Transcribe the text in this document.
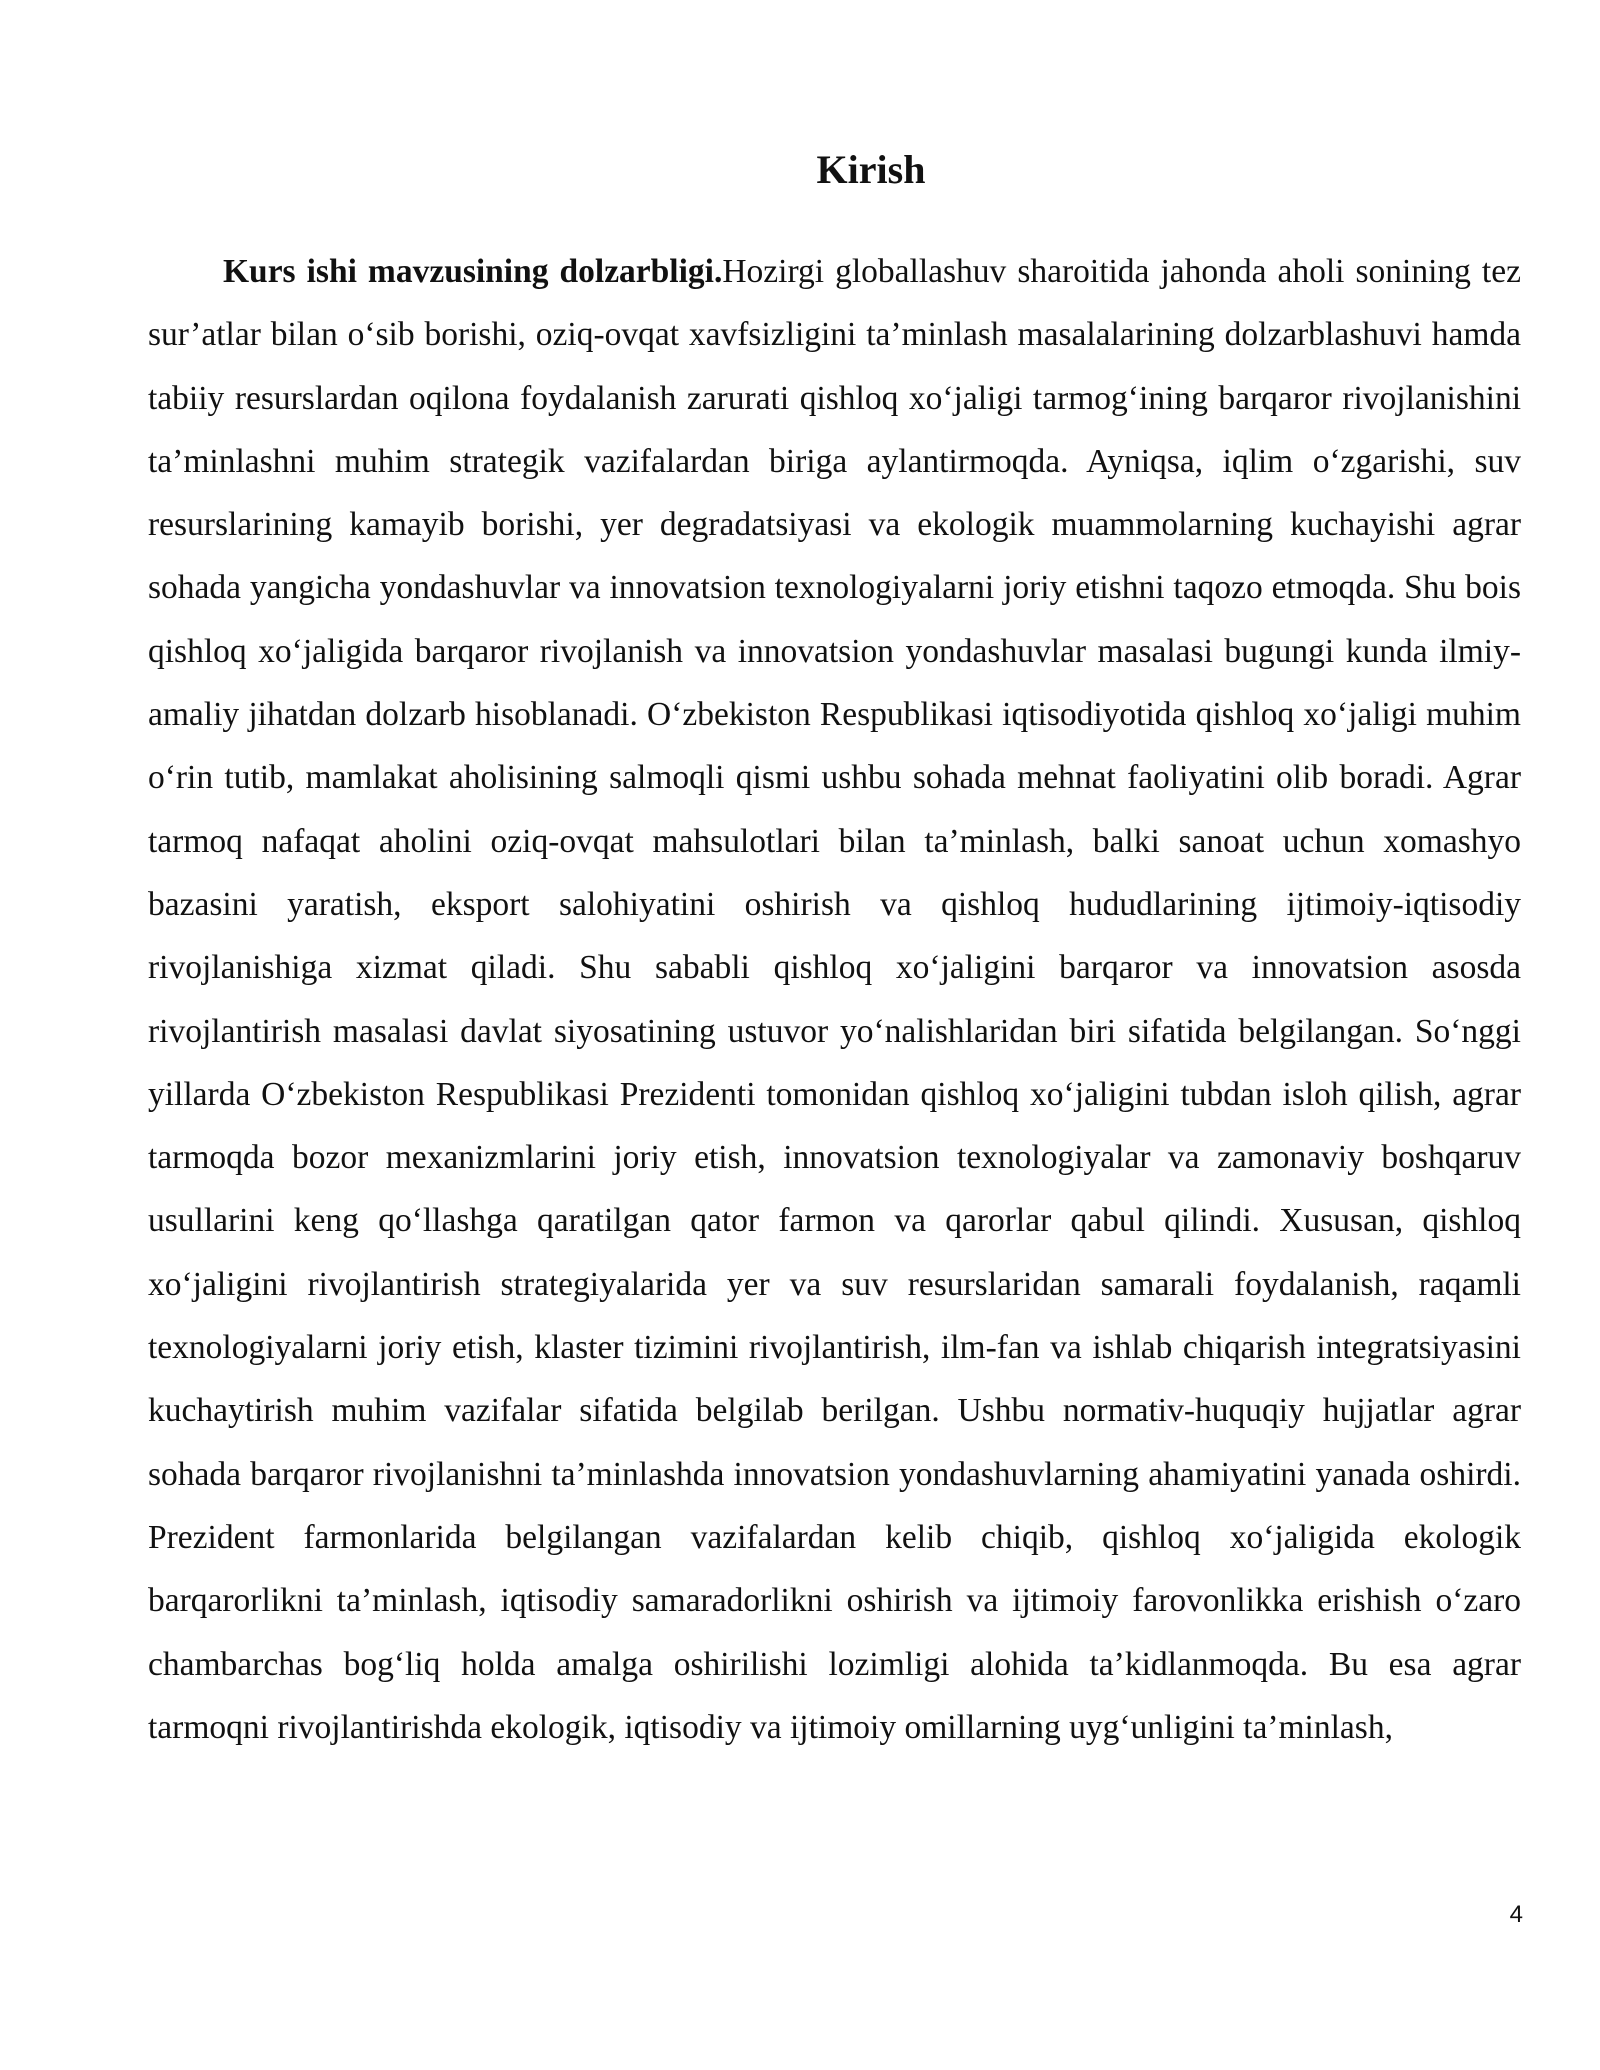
Kirish

Kurs ishi mavzusining dolzarbligi.Hozirgi globallashuv sharoitida jahonda aholi sonining tez sur’atlar bilan o‘sib borishi, oziq-ovqat xavfsizligini ta’minlash masalalarining dolzarblashuvi hamda tabiiy resurslardan oqilona foydalanish zarurati qishloq xo‘jaligi tarmog‘ining barqaror rivojlanishini ta’minlashni muhim strategik vazifalardan biriga aylantirmoqda. Ayniqsa, iqlim o‘zgarishi, suv resurslarining kamayib borishi, yer degradatsiyasi va ekologik muammolarning kuchayishi agrar sohada yangicha yondashuvlar va innovatsion texnologiyalarni joriy etishni taqozo etmoqda. Shu bois qishloq xo‘jaligida barqaror rivojlanish va innovatsion yondashuvlar masalasi bugungi kunda ilmiy-amaliy jihatdan dolzarb hisoblanadi. O‘zbekiston Respublikasi iqtisodiyotida qishloq xo‘jaligi muhim o‘rin tutib, mamlakat aholisining salmoqli qismi ushbu sohada mehnat faoliyatini olib boradi. Agrar tarmoq nafaqat aholini oziq-ovqat mahsulotlari bilan ta’minlash, balki sanoat uchun xomashyo bazasini yaratish, eksport salohiyatini oshirish va qishloq hududlarining ijtimoiy-iqtisodiy rivojlanishiga xizmat qiladi. Shu sababli qishloq xo‘jaligini barqaror va innovatsion asosda rivojlantirish masalasi davlat siyosatining ustuvor yo‘nalishlaridan biri sifatida belgilangan. So‘nggi yillarda O‘zbekiston Respublikasi Prezidenti tomonidan qishloq xo‘jaligini tubdan isloh qilish, agrar tarmoqda bozor mexanizmlarini joriy etish, innovatsion texnologiyalar va zamonaviy boshqaruv usullarini keng qo‘llashga qaratilgan qator farmon va qarorlar qabul qilindi. Xususan, qishloq xo‘jaligini rivojlantirish strategiyalarida yer va suv resurslaridan samarali foydalanish, raqamli texnologiyalarni joriy etish, klaster tizimini rivojlantirish, ilm-fan va ishlab chiqarish integratsiyasini kuchaytirish muhim vazifalar sifatida belgilab berilgan. Ushbu normativ-huquqiy hujjatlar agrar sohada barqaror rivojlanishni ta’minlashda innovatsion yondashuvlarning ahamiyatini yanada oshirdi. Prezident farmonlarida belgilangan vazifalardan kelib chiqib, qishloq xo‘jaligida ekologik barqarorlikni ta’minlash, iqtisodiy samaradorlikni oshirish va ijtimoiy farovonlikka erishish o‘zaro chambarchas bog‘liq holda amalga oshirilishi lozimligi alohida ta’kidlanmoqda. Bu esa agrar tarmoqni rivojlantirishda ekologik, iqtisodiy va ijtimoiy omillarning uyg‘unligini ta’minlash,

4
